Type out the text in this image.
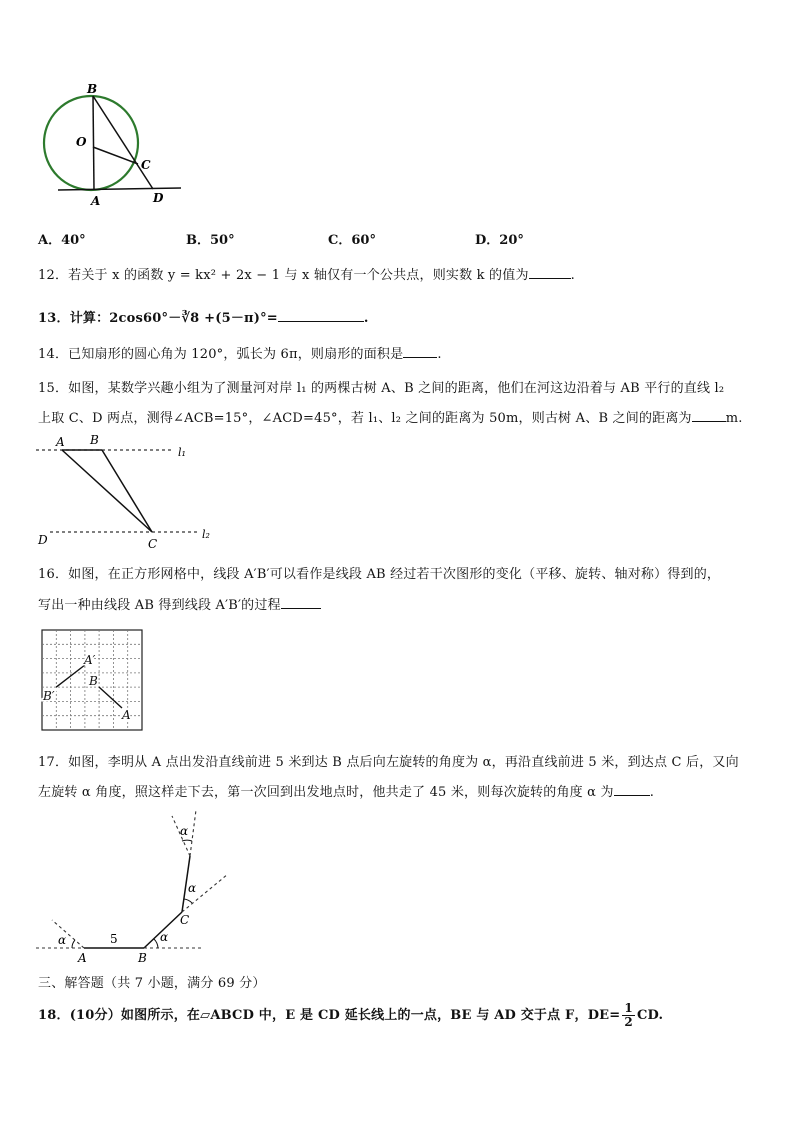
B
O
C
A	D
A．40°	B．50°	C．60°	D．20°
12．若关于 x 的函数 y = kx² + 2x − 1 与 x 轴仅有一个公共点，则实数 k 的值为	.
13．计算：2cos60°－∛8 +(5－π)°=	.
14．已知扇形的圆心角为 120°，弧长为 6π，则扇形的面积是	.
15．如图，某数学兴趣小组为了测量河对岸 l₁ 的两棵古树 A、B 之间的距离，他们在河这边沿着与 AB 平行的直线 l₂
上取 C、D 两点，测得∠ACB=15°，∠ACD=45°，若 l₁、l₂ 之间的距离为 50m，则古树 A、B 之间的距离为	m.
A B
l₁
D	C
l₂
16．如图，在正方形网格中，线段 A′B′可以看作是线段 AB 经过若干次图形的变化（平移、旋转、轴对称）得到的，
写出一种由线段 AB 得到线段 A′B′的过程
A′
B′
B
A
17．如图，李明从 A 点出发沿直线前进 5 米到达 B 点后向左旋转的角度为 α，再沿直线前进 5 米，到达点 C 后，又向
左旋转 α 角度，照这样走下去，第一次回到出发地点时，他共走了 45 米，则每次旋转的角度 α 为	.
α
α
α
α
C
5
A	B
三、解答题（共 7 小题，满分 69 分）
18．(10分）如图所示，在▱ABCD 中，E 是 CD 延长线上的一点，BE 与 AD 交于点 F，$DE= \frac{1}{2}$ CD.
